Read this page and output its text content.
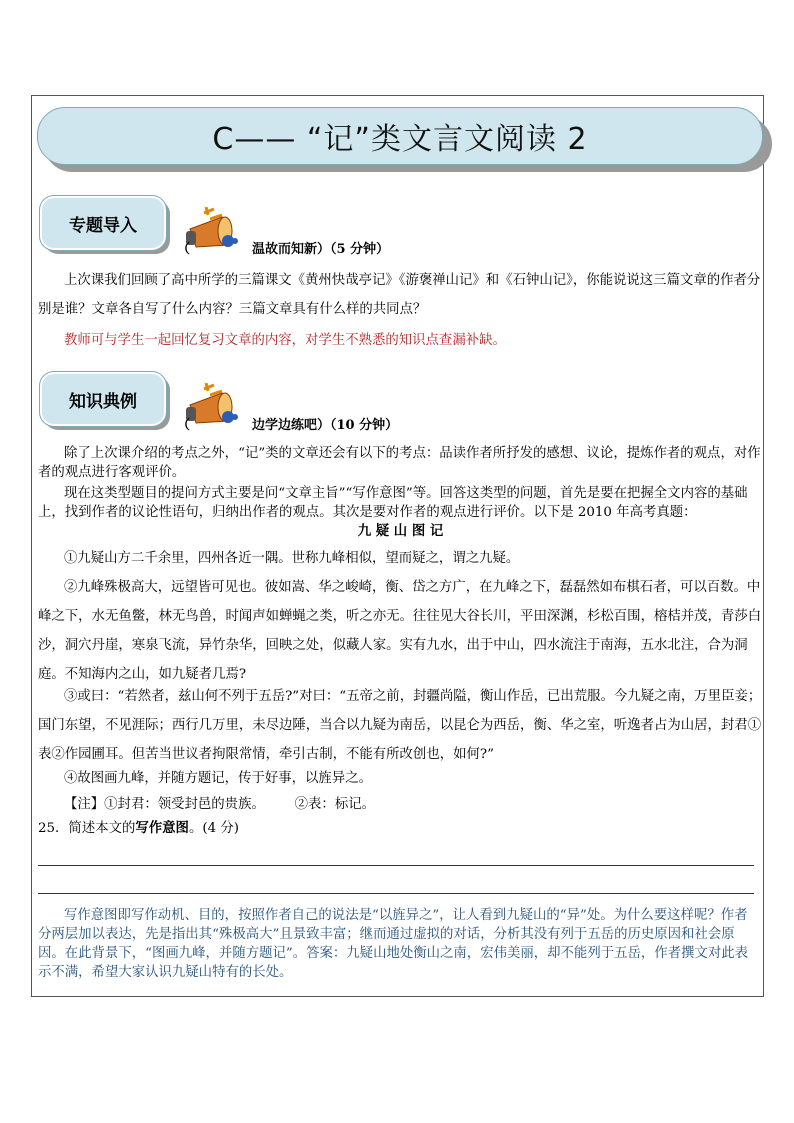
C—— “记”类文言文阅读 2
专题导入
（	温故而知新）（5 分钟）
上次课我们回顾了高中所学的三篇课文《黄州快哉亭记》《游褒禅山记》和《石钟山记》，你能说说这三篇文章的作者分别是谁？文章各自写了什么内容？三篇文章具有什么样的共同点？
教师可与学生一起回忆复习文章的内容，对学生不熟悉的知识点查漏补缺。
知识典例
（	边学边练吧）（10 分钟）
除了上次课介绍的考点之外，“记”类的文章还会有以下的考点：品读作者所抒发的感想、议论，提炼作者的观点，对作者的观点进行客观评价。
现在这类型题目的提问方式主要是问“文章主旨”“写作意图”等。回答这类型的问题，首先是要在把握全文内容的基础上，找到作者的议论性语句，归纳出作者的观点。其次是要对作者的观点进行评价。以下是 2010 年高考真题：
九 疑 山 图 记
①九疑山方二千余里，四州各近一隅。世称九峰相似，望而疑之，谓之九疑。
②九峰殊极高大，远望皆可见也。彼如嵩、华之峻崎，衡、岱之方广，在九峰之下，磊磊然如布棋石者，可以百数。中峰之下，水无鱼鳖，林无鸟兽，时闻声如蝉蝇之类，听之亦无。往往见大谷长川，平田深渊，杉松百围，榕桔并茂，青莎白沙，洞穴丹崖，寒泉飞流，异竹杂华，回映之处，似藏人家。实有九水，出于中山，四水流注于南海，五水北注，合为洞庭。不知海内之山，如九疑者几焉?
③或曰：“若然者，兹山何不列于五岳?”对曰：“五帝之前，封疆尚隘，衡山作岳，已出荒服。今九疑之南，万里臣妾；国门东望，不见涯际；西行几万里，未尽边陲，当合以九疑为南岳，以昆仑为西岳，衡、华之室，听逸者占为山居，封君①表②作园圃耳。但苦当世议者拘限常情，牵引古制，不能有所改创也，如何?”
④故图画九峰，并随方题记，传于好事，以旌异之。
【注】①封君：领受封邑的贵族。       ②表：标记。
25．简述本文的写作意图。(4 分)
写作意图即写作动机、目的，按照作者自己的说法是“以旌异之”，让人看到九疑山的“异”处。为什么要这样呢？作者分两层加以表达，先是指出其“殊极高大”且景致丰富；继而通过虚拟的对话，分析其没有列于五岳的历史原因和社会原因。在此背景下，“图画九峰，并随方题记”。答案：九疑山地处衡山之南，宏伟美丽，却不能列于五岳，作者撰文对此表示不满，希望大家认识九疑山特有的长处。
